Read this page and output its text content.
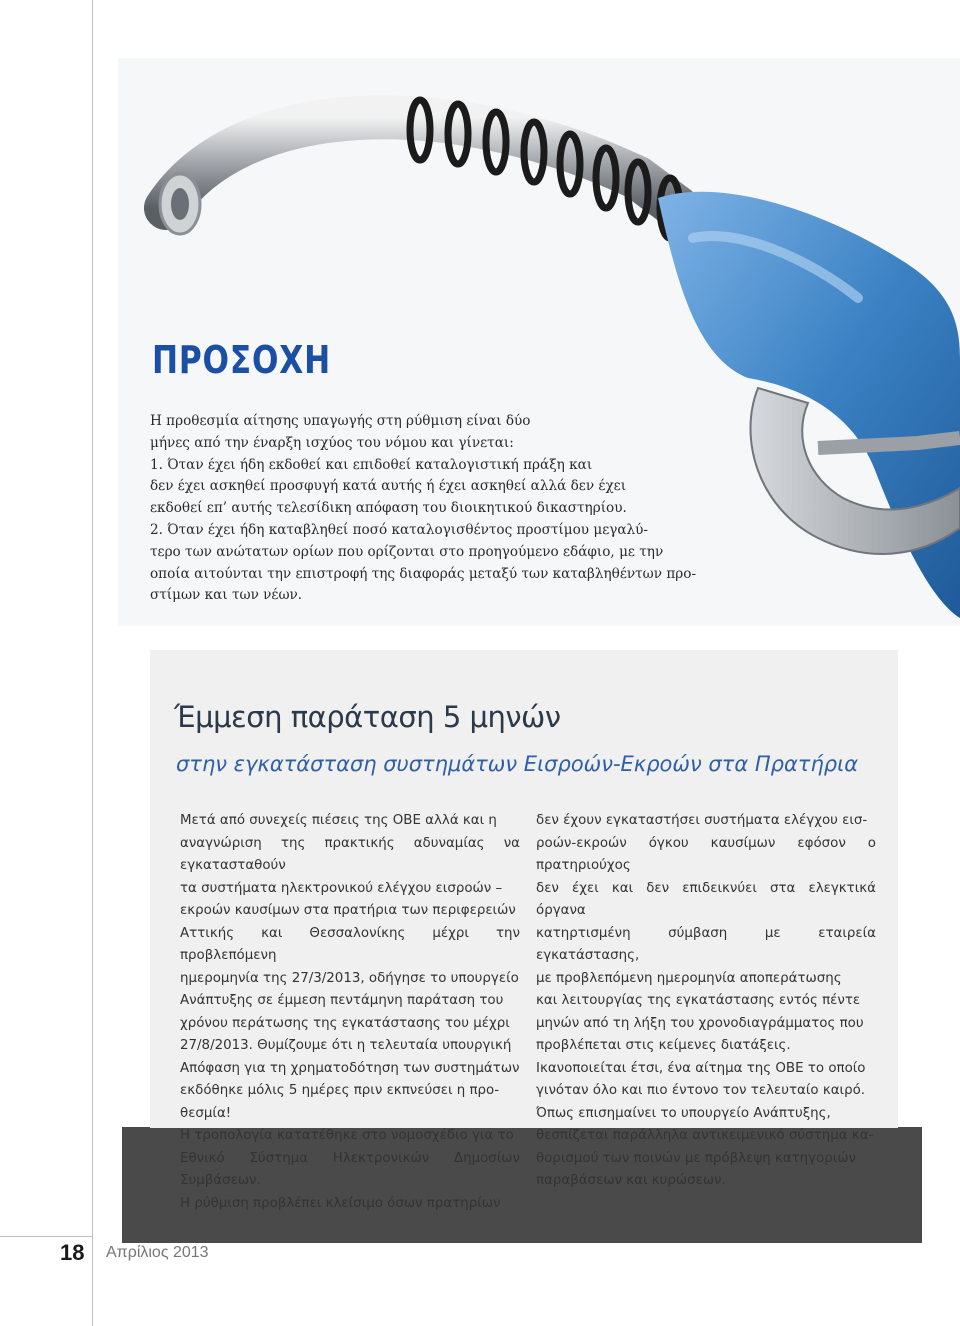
ΠΡΟΣΟΧΗ

Η προθεσμία αίτησης υπαγωγής στη ρύθμιση είναι δύο

μήνες από την έναρξη ισχύος του νόμου και γίνεται:

1. Όταν έχει ήδη εκδοθεί και επιδοθεί καταλογιστική πράξη και

δεν έχει ασκηθεί προσφυγή κατά αυτής ή έχει ασκηθεί αλλά δεν έχει

εκδοθεί επ’ αυτής τελεσίδικη απόφαση του διοικητικού δικαστηρίου.

2. Όταν έχει ήδη καταβληθεί ποσό καταλογισθέντος προστίμου μεγαλύ-

τερο των ανώτατων ορίων που ορίζονται στο προηγούμενο εδάφιο, με την

οποία αιτούνται την επιστροφή της διαφοράς μεταξύ των καταβληθέντων προ-

στίμων και των νέων.

Έμμεση παράταση 5 μηνών
στην εγκατάσταση συστημάτων Εισροών-Εκροών στα Πρατήρια

Μετά από συνεχείς πιέσεις της ΟΒΕ αλλά και η

αναγνώριση της πρακτικής αδυναμίας να εγκατασταθούν

τα συστήματα ηλεκτρονικού ελέγχου εισροών –

εκροών καυσίμων στα πρατήρια των περιφερειών

Αττικής και Θεσσαλονίκης μέχρι την προβλεπόμενη

ημερομηνία της 27/3/2013, οδήγησε το υπουργείο

Ανάπτυξης σε έμμεση πεντάμηνη παράταση του

χρόνου περάτωσης της εγκατάστασης του μέχρι

27/8/2013. Θυμίζουμε ότι η τελευταία υπουργική

Απόφαση για τη χρηματοδότηση των συστημάτων

εκδόθηκε μόλις 5 ημέρες πριν εκπνεύσει η προ-

θεσμία!

Η τροπολογία κατατέθηκε στο νομοσχέδιο για το

Εθνικό Σύστημα Ηλεκτρονικών Δημοσίων Συμβάσεων.

Η ρύθμιση προβλέπει κλείσιμο όσων πρατηρίων

δεν έχουν εγκαταστήσει συστήματα ελέγχου εισ-

ροών-εκροών όγκου καυσίμων εφόσον ο πρατηριούχος

δεν έχει και δεν επιδεικνύει στα ελεγκτικά όργανα

κατηρτισμένη σύμβαση με εταιρεία εγκατάστασης,

με προβλεπόμενη ημερομηνία αποπεράτωσης

και λειτουργίας της εγκατάστασης εντός πέντε

μηνών από τη λήξη του χρονοδιαγράμματος που

προβλέπεται στις κείμενες διατάξεις.

Ικανοποιείται έτσι, ένα αίτημα της ΟΒΕ το οποίο

γινόταν όλο και πιο έντονο τον τελευταίο καιρό.

Όπως επισημαίνει το υπουργείο Ανάπτυξης,

θεσπίζεται παράλληλα αντικειμενικό σύστημα κα-

θορισμού των ποινών με πρόβλεψη κατηγοριών

παραβάσεων και κυρώσεων.

18 Απρίλιος 2013
